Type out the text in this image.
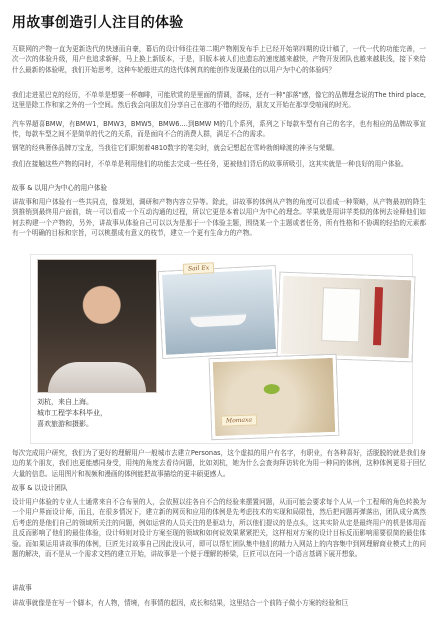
用故事创造引人注目的体验

互联网的产物一直为更新迭代的快速而自豪，幕后的设计师往往第二期产物刚发布手上已经开始第四期的设计稿了，一代一代的功能完善，一次一次的体验升级，用户也追求新鲜，马上换上新版本，于是，旧版本被人们也遗忘的速度越来越快，产物开发团队也越来越肤浅，接下来给什么最新的体验呢，我们开始思考，这种车轮般进式的迭代体例真的能创作发现最佳的以用户为中心的体验吗？

我们走进星巴克的经历，不单单是想要一杯咖啡，可能欣赏的是里面的情调，香味，还有一种"部落"感，像它的品牌理念说的The third place,这里是除工作和家之外的一个空间。然后我会向朋友们分享自己在那的不错的经历，朋友又开始在那享受喧闹的时光。

汽车界超喜BMW，有BMW1，BMW3，BMW5，BMW6....到BMW M的几个系列，系列之下每款车型有自己的名字，也有相应的品牌故事宣传，每款车型之间不是简单的代之的关系，而是面向不合的消费人群，满足不合的需求。

钢笔的经典奢侈品牌万宝龙，当我往它们职刻着4810数字的笔尖时，就会记想起在雪岭勃朗峰渡的神圣与荣耀。

我们在接触这些产物的同时，不单单是利用他们的功能去完成一些任务，更被他们背后的故事所吸引，这其实就是一种良好的用户体验。

故事 & 以用户为中心的用户体验

讲故事和用户体验有一些共同点，像规划，调研和产物内容立异等。除此，讲故事的体例从产物的角度可以看成一种策略，从产物最初的降生到推销到最终用户面前，统一可以看成一个互动沟通的过程，所以它更是本着以用户为中心的理念。苹果就是用讲苹类似的体例去诠释他们如何去构建一个产物的，另外，讲故事从体验自己可以以为是那于一个体验主题，围绕某一个主题或者任务，所有性格和不协调的轻拾的元素都有一个明确的目标和宗旨，可以桃摆成有意义的枝节，建立一个更有生命力的产物。

刘杭，来自上海。
城市工程学本科毕业，
喜欢旅游和摄影。
Sail Ex
Momaxa

每次完成用户研究，我们为了更好的理解用户一般城市去建立Personas，这个虚拟的用户有名字，有职业，有各种喜好，活脱脱的就是我们身边的某个朋友，我们也更能感同身受，用纯的角度去看待问题，比如刘杭，她为什么会查询拜访转化为用一种同的体例，这种体例更易于回忆大量的信息。运用图片和视频和漫画的体例能把故事描绘的更丰硕更感人。

故事 & 以设计团队

设计用户体验的专业人士通常来自不合布景的人，会依照以往各自不合的经验来摆置问题，从而可能会要求每个人从一个工程师的角色转换为一个用户界面设计师，而且，在很多情况下，建立新的网页和应用的体例是先考虑技术的实现和局限性，然后把问题再弹落出，团队成分离然后考虑的是他们自己的领域所关注的问题，例如运营的人员关注的是驱动力，所以他们提议的是点头，这其实阶从定是最终用户的机是体用而且反而影响了他们的最佳体验，设计师则对设计方案至现的领域和如何说效果紧紧把关，这样相对方案的设计目标反而影响需要很简的最佳体验。而如果运用讲故事的体例，巨匠先讨故事自己因此没认可，即可以帮忙团队集中他们的精力入网站上的内容集中到网理解商业模式上的问题的解决，而不是从一个需求文档的建立开始，讲故事是一个便于理解的桥梁，巨匠可以在同一个语言基调下展开想象。

讲故事

讲故事就像是在写一个脚本，有人物，情境，有事情的起因，成长和结果，这里结合一个前阵子做小方案的经验和巨
